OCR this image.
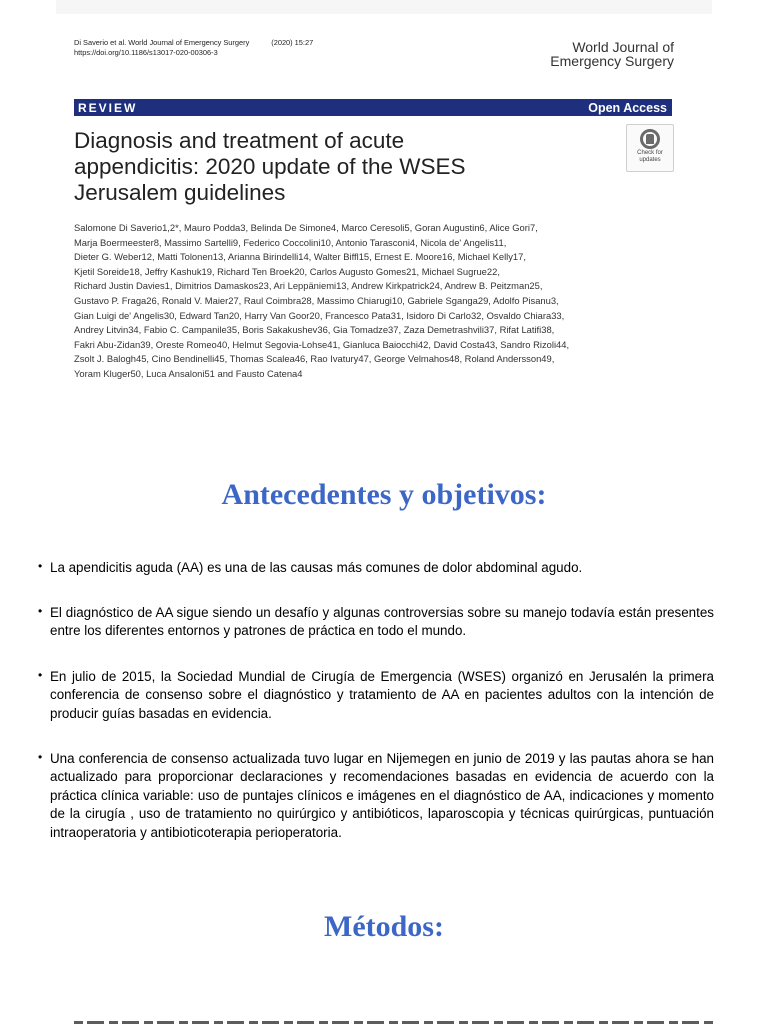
Di Saverio et al. World Journal of Emergency Surgery	(2020) 15:27
https://doi.org/10.1186/s13017-020-00306-3	World Journal of
Emergency Surgery
REVIEW	Open Access
Diagnosis and treatment of acute
appendicitis: 2020 update of the WSES
Jerusalem guidelines
Check for
updates
Salomone Di Saverio1,2*, Mauro Podda3, Belinda De Simone4, Marco Ceresoli5, Goran Augustin6, Alice Gori7,
Marja Boermeester8, Massimo Sartelli9, Federico Coccolini10, Antonio Tarasconi4, Nicola de' Angelis11,
Dieter G. Weber12, Matti Tolonen13, Arianna Birindelli14, Walter Biffl15, Ernest E. Moore16, Michael Kelly17,
Kjetil Soreide18, Jeffry Kashuk19, Richard Ten Broek20, Carlos Augusto Gomes21, Michael Sugrue22,
Richard Justin Davies1, Dimitrios Damaskos23, Ari Leppäniemi13, Andrew Kirkpatrick24, Andrew B. Peitzman25,
Gustavo P. Fraga26, Ronald V. Maier27, Raul Coimbra28, Massimo Chiarugi10, Gabriele Sganga29, Adolfo Pisanu3,
Gian Luigi de' Angelis30, Edward Tan20, Harry Van Goor20, Francesco Pata31, Isidoro Di Carlo32, Osvaldo Chiara33,
Andrey Litvin34, Fabio C. Campanile35, Boris Sakakushev36, Gia Tomadze37, Zaza Demetrashvili37, Rifat Latifi38,
Fakri Abu-Zidan39, Oreste Romeo40, Helmut Segovia-Lohse41, Gianluca Baiocchi42, David Costa43, Sandro Rizoli44,
Zsolt J. Balogh45, Cino Bendinelli45, Thomas Scalea46, Rao Ivatury47, George Velmahos48, Roland Andersson49,
Yoram Kluger50, Luca Ansaloni51 and Fausto Catena4
Antecedentes y objetivos:
• La apendicitis aguda (AA) es una de las causas más comunes de dolor abdominal agudo.
• El diagnóstico de AA sigue siendo un desafío y algunas controversias sobre su manejo todavía están presentes entre los diferentes entornos y patrones de práctica en todo el mundo.
• En julio de 2015, la Sociedad Mundial de Cirugía de Emergencia (WSES) organizó en Jerusalén la primera conferencia de consenso sobre el diagnóstico y tratamiento de AA en pacientes adultos con la intención de producir guías basadas en evidencia.
• Una conferencia de consenso actualizada tuvo lugar en Nijemegen en junio de 2019 y las pautas ahora se han actualizado para proporcionar declaraciones y recomendaciones basadas en evidencia de acuerdo con la práctica clínica variable: uso de puntajes clínicos e imágenes en el diagnóstico de AA, indicaciones y momento de la cirugía , uso de tratamiento no quirúrgico y antibióticos, laparoscopia y técnicas quirúrgicas, puntuación intraoperatoria y antibioticoterapia perioperatoria.
Métodos:
